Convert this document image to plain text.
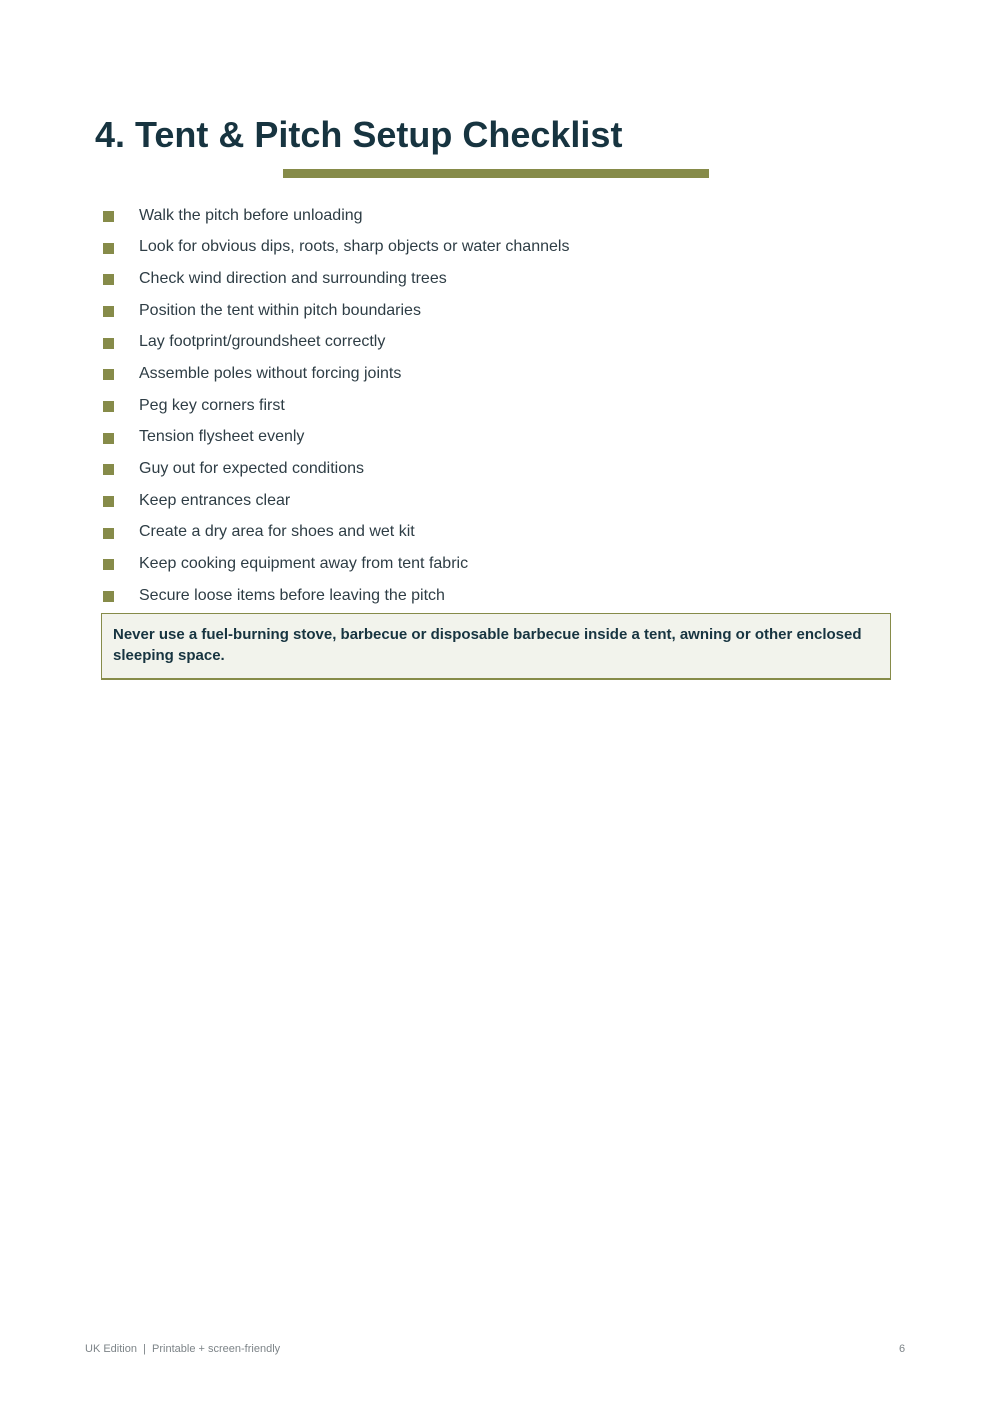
4. Tent & Pitch Setup Checklist
Walk the pitch before unloading
Look for obvious dips, roots, sharp objects or water channels
Check wind direction and surrounding trees
Position the tent within pitch boundaries
Lay footprint/groundsheet correctly
Assemble poles without forcing joints
Peg key corners first
Tension flysheet evenly
Guy out for expected conditions
Keep entrances clear
Create a dry area for shoes and wet kit
Keep cooking equipment away from tent fabric
Secure loose items before leaving the pitch
Never use a fuel-burning stove, barbecue or disposable barbecue inside a tent, awning or other enclosed sleeping space.
UK Edition  |  Printable + screen-friendly	6
